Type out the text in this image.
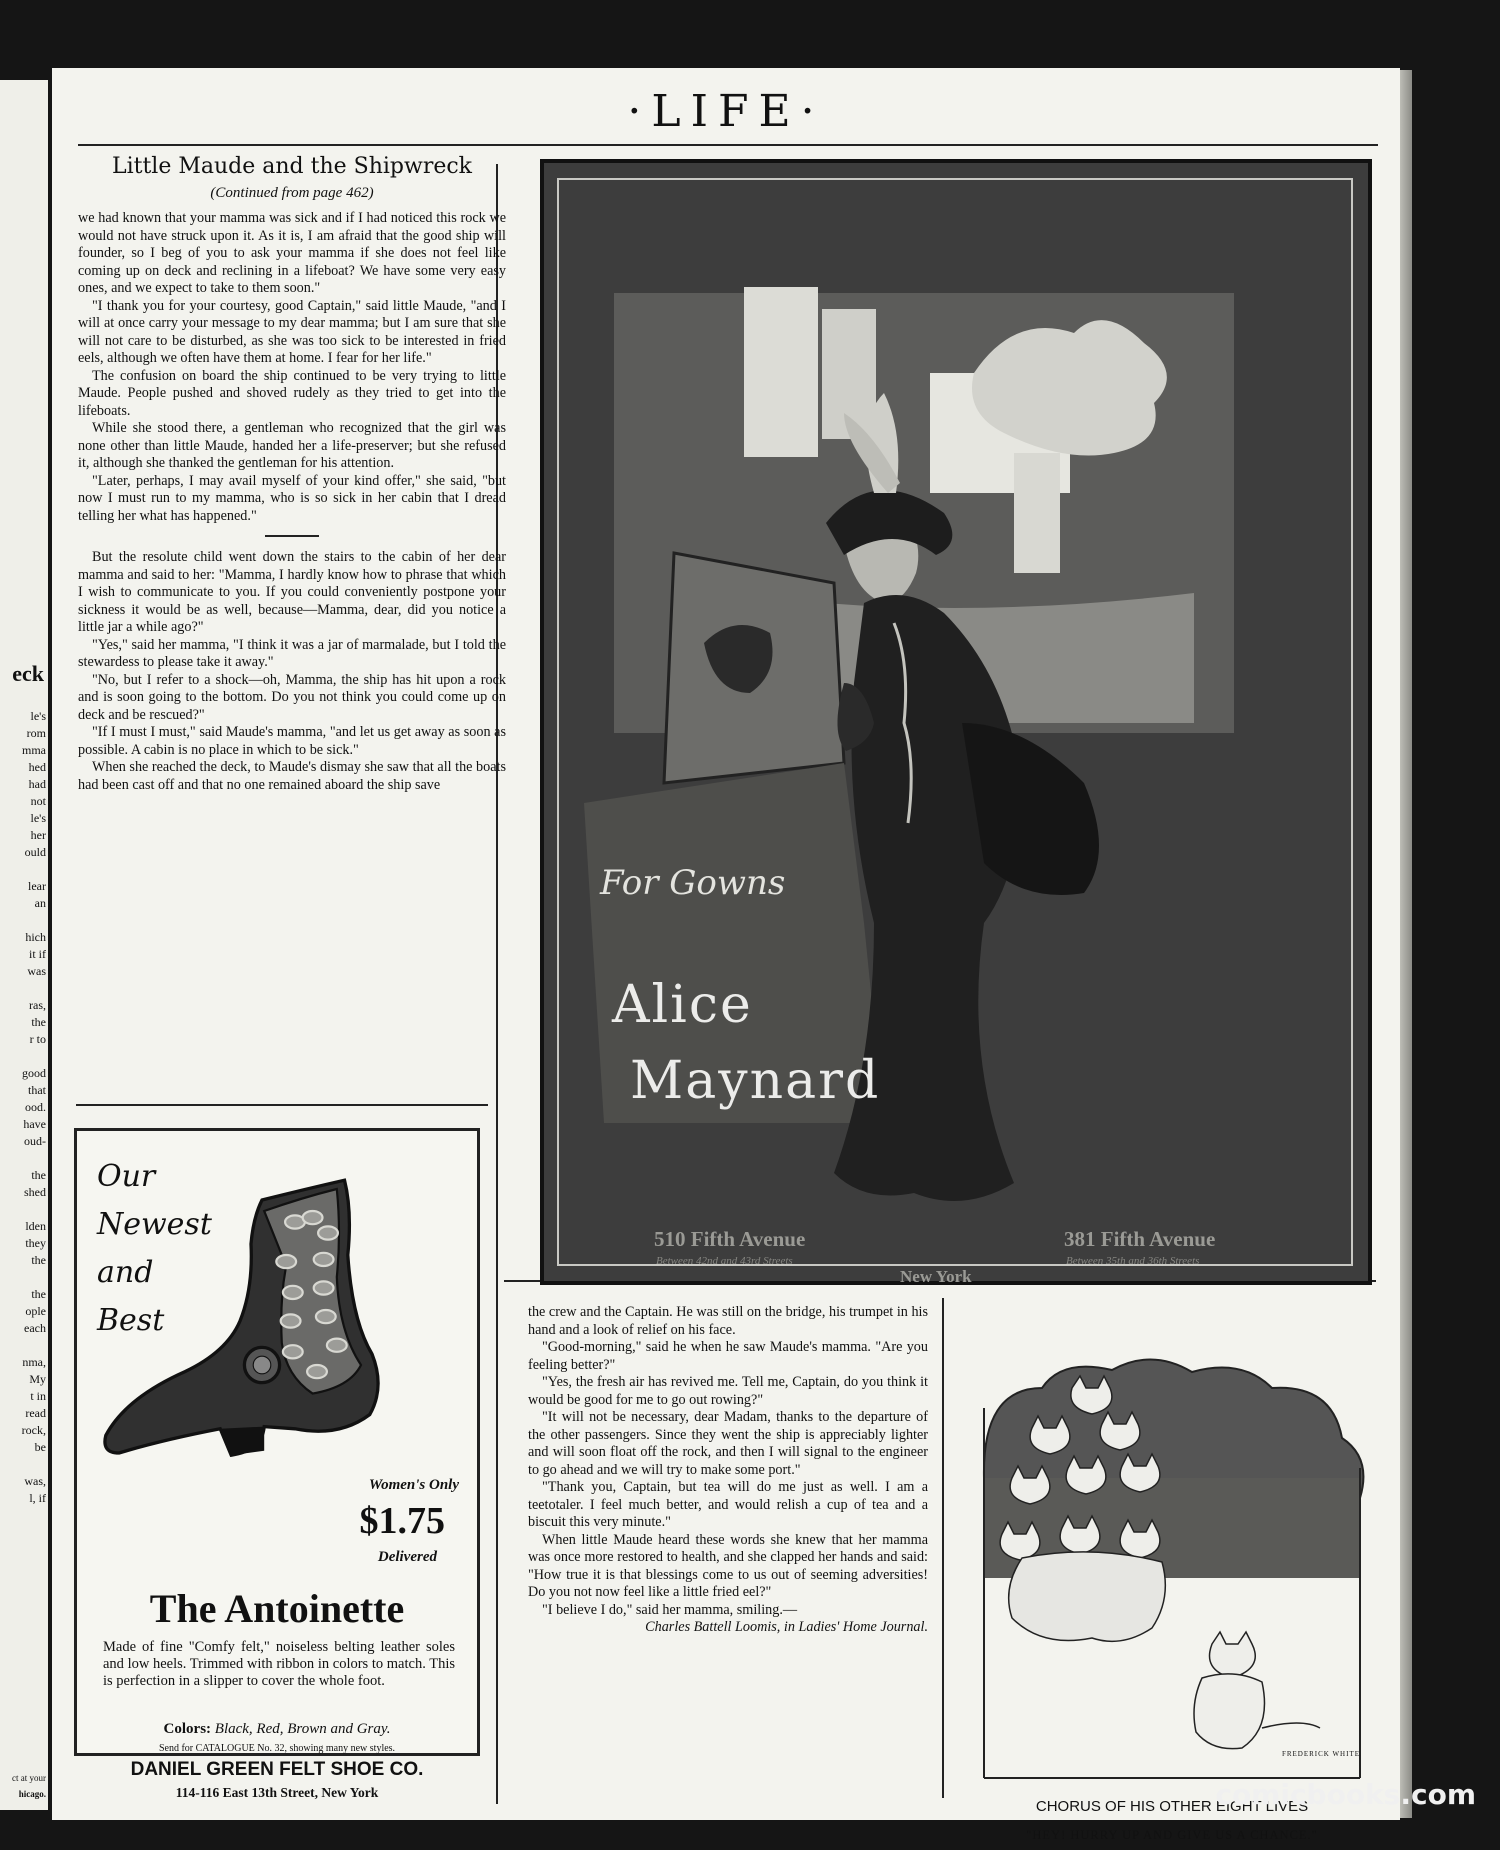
eck
le's
rom
mma
hed
had
not
le's
her
ould
lear
an
hich
it if
was
ras,
the
r to
good
that
ood.
have
oud-
the
shed
lden
they
the
the
ople
each
nma,
My
t in
read
rock,
be
was,
l, if
ct at your
hicago.
·LIFE·
Little Maude and the Shipwreck
(Continued from page 462)

we had known that your mamma was sick and if I had noticed this rock we would not have struck upon it. As it is, I am afraid that the good ship will founder, so I beg of you to ask your mamma if she does not feel like coming up on deck and reclining in a lifeboat? We have some very easy ones, and we expect to take to them soon."

"I thank you for your courtesy, good Captain," said little Maude, "and I will at once carry your message to my dear mamma; but I am sure that she will not care to be disturbed, as she was too sick to be interested in fried eels, although we often have them at home. I fear for her life."

The confusion on board the ship continued to be very trying to little Maude. People pushed and shoved rudely as they tried to get into the lifeboats.

While she stood there, a gentleman who recognized that the girl was none other than little Maude, handed her a life-preserver; but she refused it, although she thanked the gentleman for his attention.

"Later, perhaps, I may avail myself of your kind offer," she said, "but now I must run to my mamma, who is so sick in her cabin that I dread telling her what has happened."

But the resolute child went down the stairs to the cabin of her dear mamma and said to her: "Mamma, I hardly know how to phrase that which I wish to communicate to you. If you could conveniently postpone your sickness it would be as well, because—Mamma, dear, did you notice a little jar a while ago?"

"Yes," said her mamma, "I think it was a jar of marmalade, but I told the stewardess to please take it away."

"No, but I refer to a shock—oh, Mamma, the ship has hit upon a rock and is soon going to the bottom. Do you not think you could come up on deck and be rescued?"

"If I must I must," said Maude's mamma, "and let us get away as soon as possible. A cabin is no place in which to be sick."

When she reached the deck, to Maude's dismay she saw that all the boats had been cast off and that no one remained aboard the ship save

Our
Newest
and
Best
Women's Only
$1.75
Delivered
The Antoinette
Made of fine "Comfy felt," noiseless belting leather soles and low heels. Trimmed with ribbon in colors to match. This is perfection in a slipper to cover the whole foot.
Colors: Black, Red, Brown and Gray.
Send for CATALOGUE No. 32, showing many new styles.
DANIEL GREEN FELT SHOE CO.
114-116 East 13th Street, New York
For Gowns
Alice
Maynard
510 Fifth Avenue
Between 42nd and 43rd Streets
New York
381 Fifth Avenue
Between 35th and 36th Streets

the crew and the Captain. He was still on the bridge, his trumpet in his hand and a look of relief on his face.

"Good-morning," said he when he saw Maude's mamma. "Are you feeling better?"

"Yes, the fresh air has revived me. Tell me, Captain, do you think it would be good for me to go out rowing?"

"It will not be necessary, dear Madam, thanks to the departure of the other passengers. Since they went the ship is appreciably lighter and will soon float off the rock, and then I will signal to the engineer to go ahead and we will try to make some port."

"Thank you, Captain, but tea will do me just as well. I am a teetotaler. I feel much better, and would relish a cup of tea and a biscuit this very minute."

When little Maude heard these words she knew that her mamma was once more restored to health, and she clapped her hands and said: "How true it is that blessings come to us out of seeming adversities! Do you not now feel like a little fried eel?"

"I believe I do," said her mamma, smiling.—

Charles Battell Loomis, in Ladies' Home Journal.

FREDERICK WHITE
CHORUS OF HIS OTHER EIGHT LIVES
"HEY! HURRY UP AND GIVE US A CHANCE."
comicbooks.com
